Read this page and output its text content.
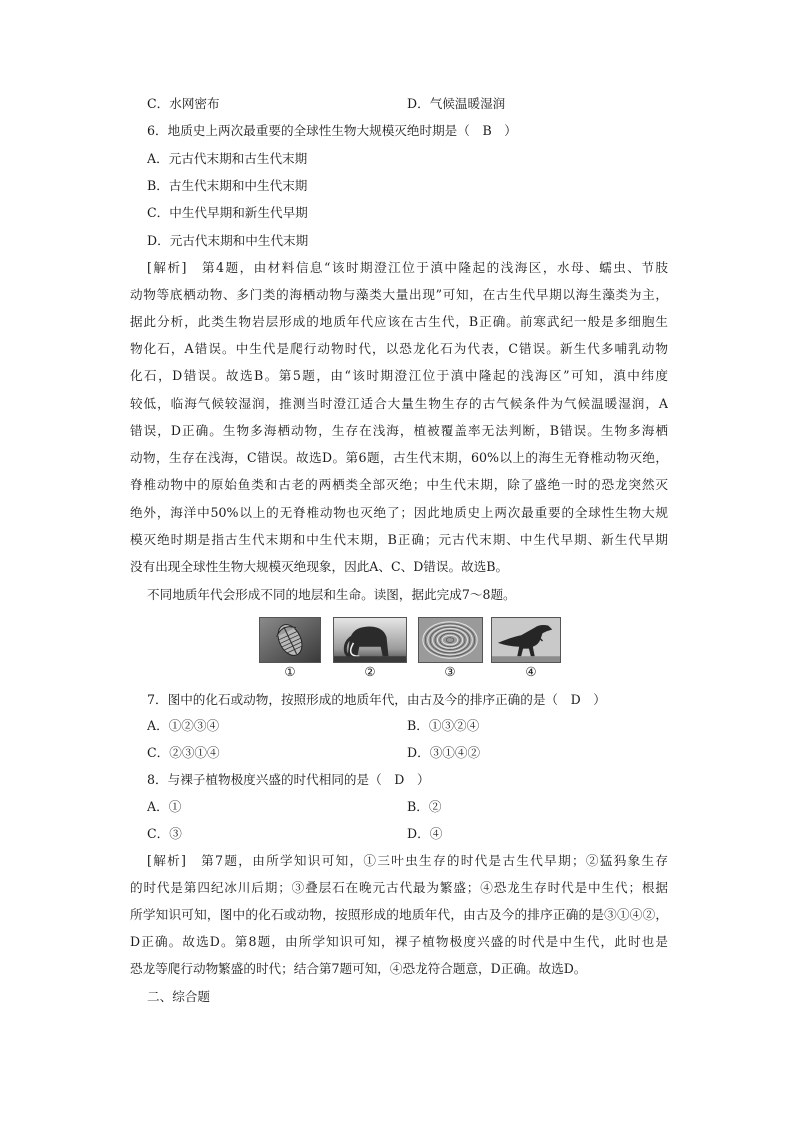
C．水网密布	D．气候温暖湿润
6．地质史上两次最重要的全球性生物大规模灭绝时期是（　B　）
A．元古代末期和古生代末期
B．古生代末期和中生代末期
C．中生代早期和新生代早期
D．元古代末期和中生代末期
[解析]　第4题，由材料信息“该时期澄江位于滇中隆起的浅海区，水母、蠕虫、节肢
动物等底栖动物、多门类的海栖动物与藻类大量出现”可知，在古生代早期以海生藻类为主，
据此分析，此类生物岩层形成的地质年代应该在古生代，B正确。前寒武纪一般是多细胞生
物化石，A错误。中生代是爬行动物时代，以恐龙化石为代表，C错误。新生代多哺乳动物
化石，D错误。故选B。第5题，由“该时期澄江位于滇中隆起的浅海区”可知，滇中纬度
较低，临海气候较湿润，推测当时澄江适合大量生物生存的古气候条件为气候温暖湿润，A
错误，D正确。生物多海栖动物，生存在浅海，植被覆盖率无法判断，B错误。生物多海栖
动物，生存在浅海，C错误。故选D。第6题，古生代末期，60%以上的海生无脊椎动物灭绝，
脊椎动物中的原始鱼类和古老的两栖类全部灭绝；中生代末期，除了盛绝一时的恐龙突然灭
绝外，海洋中50%以上的无脊椎动物也灭绝了；因此地质史上两次最重要的全球性生物大规
模灭绝时期是指古生代末期和中生代末期，B正确；元古代末期、中生代早期、新生代早期
没有出现全球性生物大规模灭绝现象，因此A、C、D错误。故选B。
不同地质年代会形成不同的地层和生命。读图，据此完成7～8题。
①	②	③	④
7．图中的化石或动物，按照形成的地质年代，由古及今的排序正确的是（　D　）
A．①②③④	B．①③②④
C．②③①④	D．③①④②
8．与裸子植物极度兴盛的时代相同的是（　D　）
A．①	B．②
C．③	D．④
[解析]　第7题，由所学知识可知，①三叶虫生存的时代是古生代早期；②猛犸象生存
的时代是第四纪冰川后期；③叠层石在晚元古代最为繁盛；④恐龙生存时代是中生代；根据
所学知识可知，图中的化石或动物，按照形成的地质年代，由古及今的排序正确的是③①④②，
D正确。故选D。第8题，由所学知识可知，裸子植物极度兴盛的时代是中生代，此时也是
恐龙等爬行动物繁盛的时代；结合第7题可知，④恐龙符合题意，D正确。故选D。
二、综合题
